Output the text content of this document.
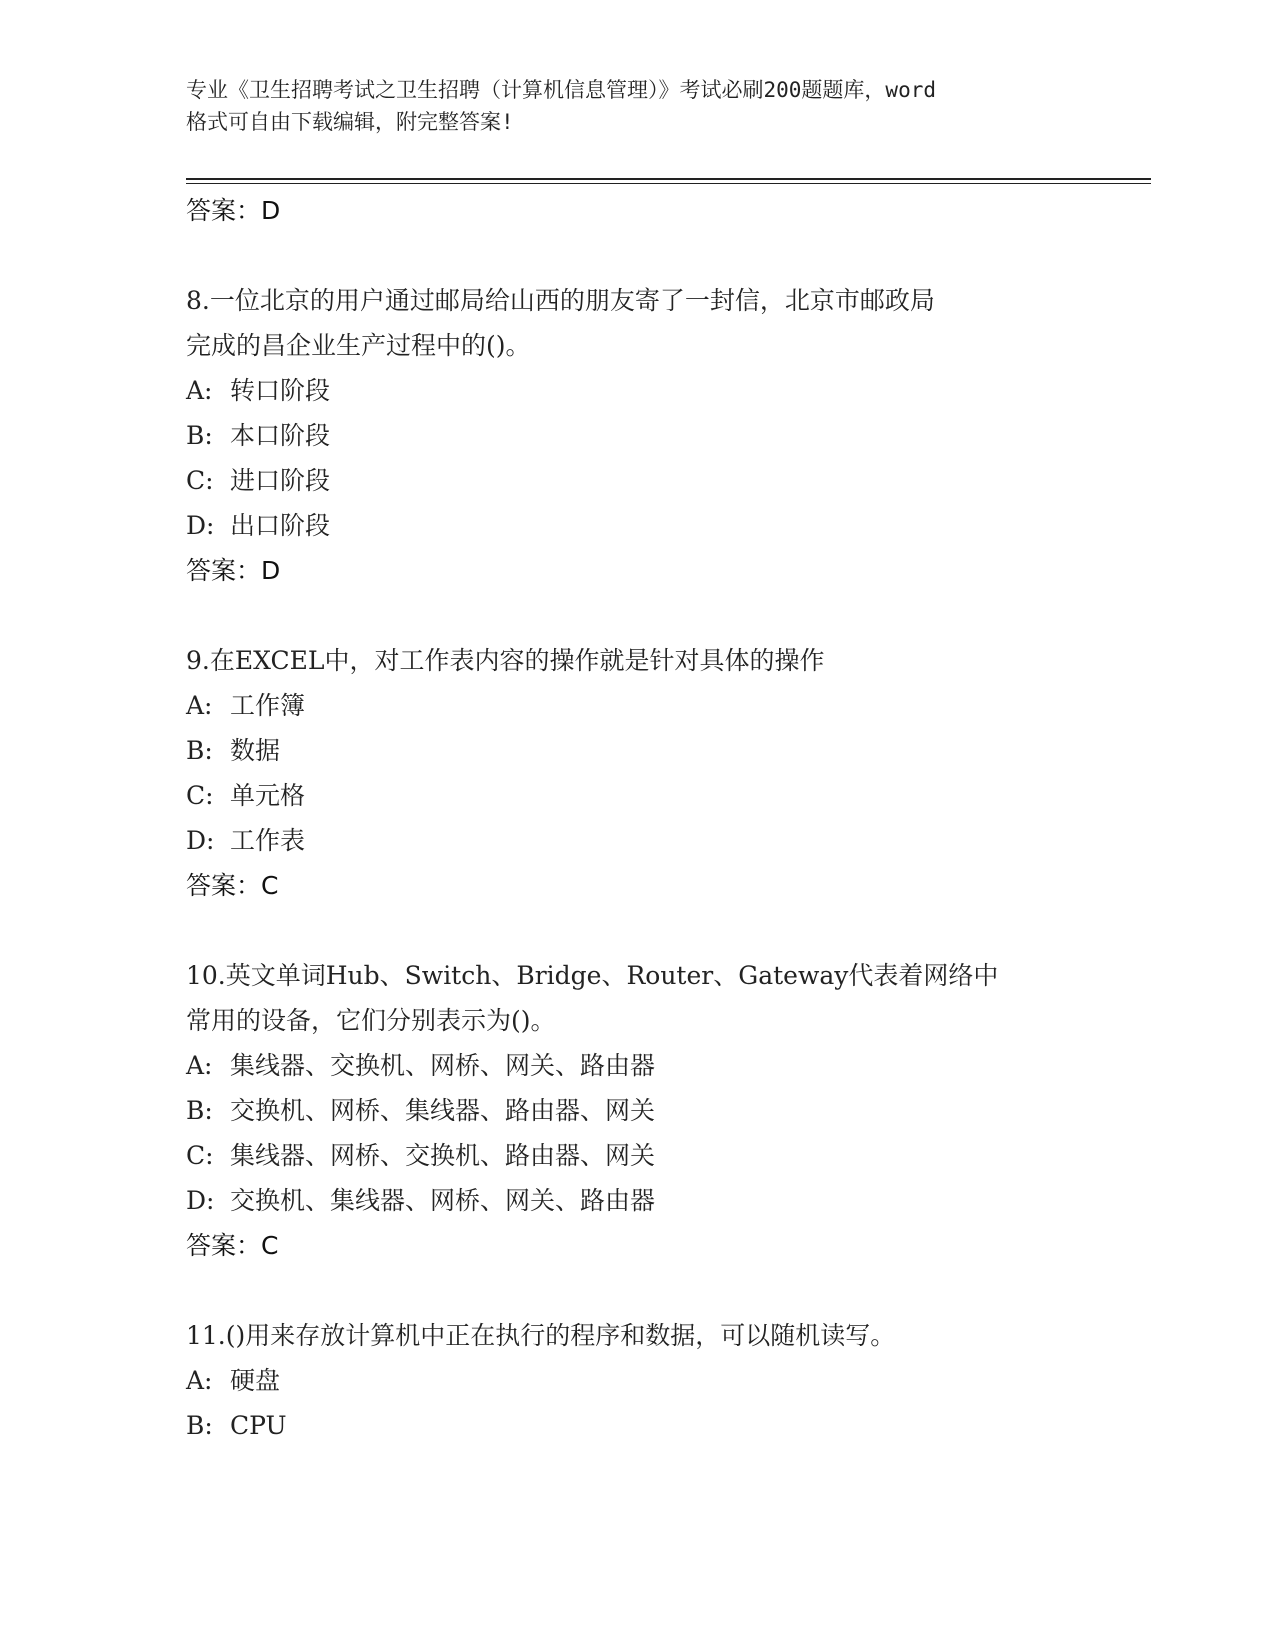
专业《卫生招聘考试之卫生招聘（计算机信息管理）》考试必刷200题题库，word
格式可自由下载编辑，附完整答案!
答案：D
8.一位北京的用户通过邮局给山西的朋友寄了一封信，北京市邮政局
完成的昌企业生产过程中的()。
A: 转口阶段
B: 本口阶段
C: 进口阶段
D: 出口阶段
答案：D
9.在EXCEL中，对工作表内容的操作就是针对具体的操作
A: 工作簿
B: 数据
C: 单元格
D: 工作表
答案：C
10.英文单词Hub、Switch、Bridge、Router、Gateway代表着网络中
常用的设备，它们分别表示为()。
A: 集线器、交换机、网桥、网关、路由器
B: 交换机、网桥、集线器、路由器、网关
C: 集线器、网桥、交换机、路由器、网关
D: 交换机、集线器、网桥、网关、路由器
答案：C
11.()用来存放计算机中正在执行的程序和数据，可以随机读写。
A: 硬盘
B: CPU
